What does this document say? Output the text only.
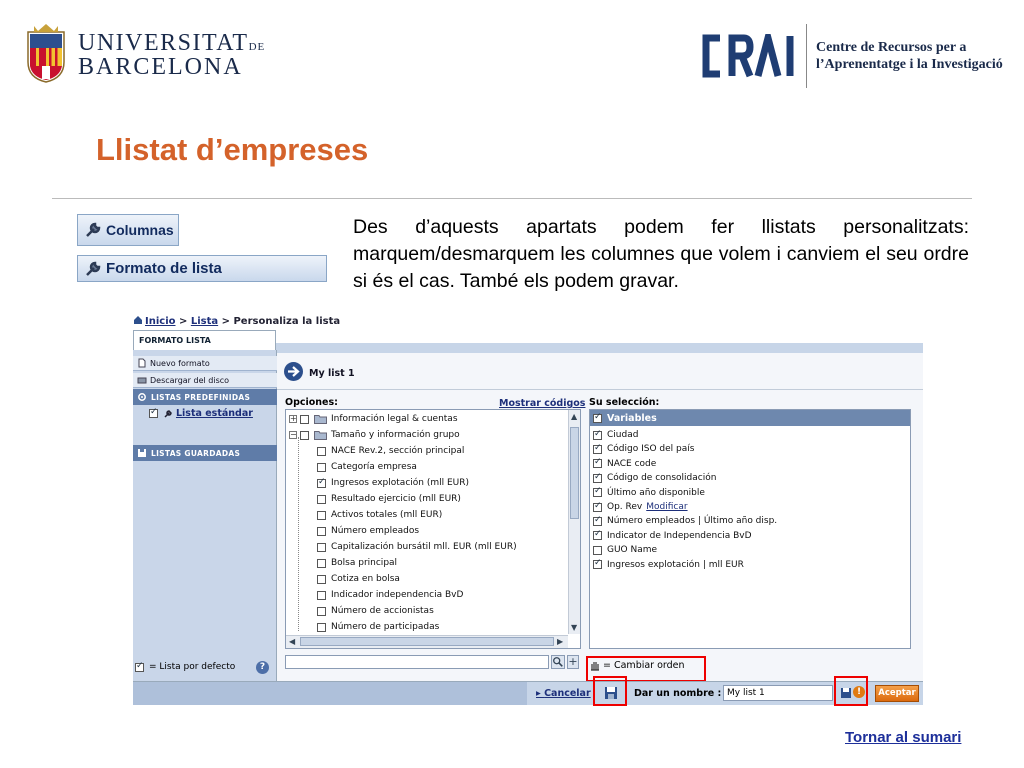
UNIVERSITATDE
BARCELONA
Centre de Recursos per a
l’Aprenentatge i la Investigació
Llistat d’empreses
Columnas
Formato de lista
Des d’aquests apartats podem fer llistats personalitzats: marquem/desmarquem les columnes que volem i canviem el seu ordre si és el cas. També els podem gravar.
Inicio > Lista > Personaliza la lista
FORMATO LISTA
Nuevo formato
Descargar del disco
LISTAS PREDEFINIDAS
✓
Lista estándar
LISTAS GUARDADAS
✓
= Lista por defecto	?
My list 1
Opciones:	Mostrar códigos Su selección:
+	Información legal & cuentas
−	Tamaño y información grupo
NACE Rev.2, sección principal
Categoría empresa
✓
Ingresos explotación (mll EUR)
Resultado ejercicio (mll EUR)
Activos totales (mll EUR)
Número empleados
Capitalización bursátil mll. EUR (mll EUR)
Bolsa principal
Cotiza en bolsa
Indicador independencia BvD
Número de accionistas
Número de participadas
▲
▼
◀	▶
✓
Variables
✓
Ciudad
✓
Código ISO del país
✓
NACE code
✓
Código de consolidación
✓
Último año disponible
✓
Op. Rev Modificar
✓
Número empleados | Último año disp.
✓
Indicator de Independencia BvD
GUO Name
✓
Ingresos explotación | mll EUR
+	= Cambiar orden
▸ Cancelar	Dar un nombre : My list 1	!	Aceptar
Tornar al sumari
